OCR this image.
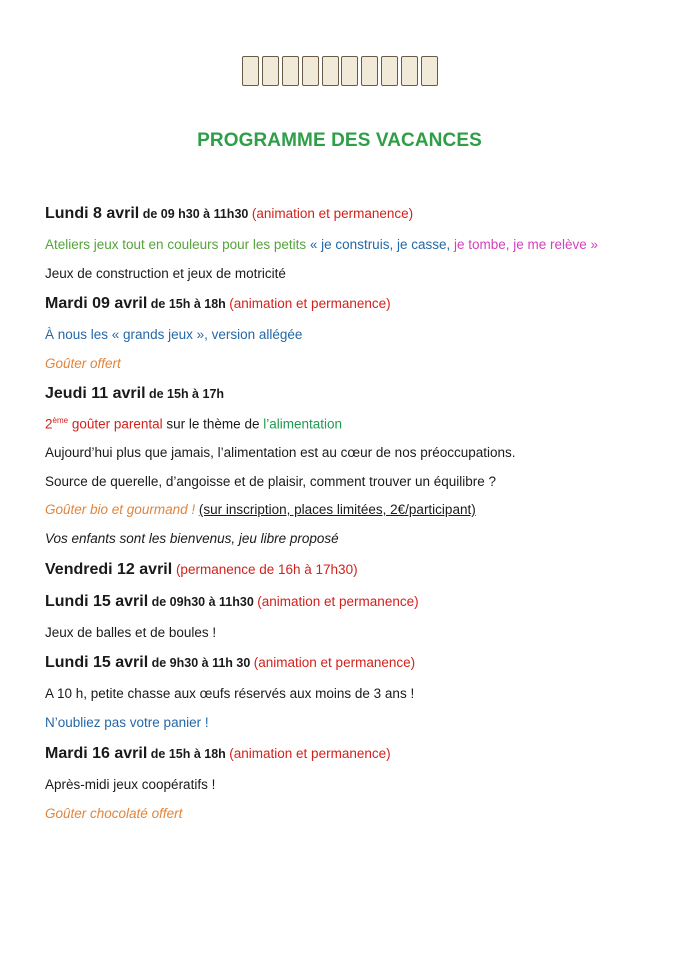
PROGRAMME DES VACANCES
Lundi 8 avril de 09 h30 à 11h30 (animation et permanence)
Ateliers jeux tout en couleurs pour les petits « je construis, je casse, je tombe, je me relève »
Jeux de construction et jeux de motricité
Mardi 09 avril de 15h à 18h (animation et permanence)
À nous les « grands jeux », version allégée
Goûter offert
Jeudi 11 avril de 15h à 17h
2ème goûter parental sur le thème de l’alimentation
Aujourd’hui plus que jamais, l’alimentation est au cœur de nos préoccupations.
Source de querelle, d’angoisse et de plaisir, comment trouver un équilibre ?
Goûter bio et gourmand ! (sur inscription, places limitées, 2€/participant)
Vos enfants sont les bienvenus, jeu libre proposé
Vendredi 12 avril (permanence de 16h à 17h30)
Lundi 15 avril de 09h30 à 11h30 (animation et permanence)
Jeux de balles et de boules !
Lundi 15 avril de 9h30 à 11h 30 (animation et permanence)
A 10 h, petite chasse aux œufs réservés aux moins de 3 ans !
N’oubliez pas votre panier !
Mardi 16 avril de 15h à 18h (animation et permanence)
Après-midi jeux coopératifs !
Goûter chocolaté offert
